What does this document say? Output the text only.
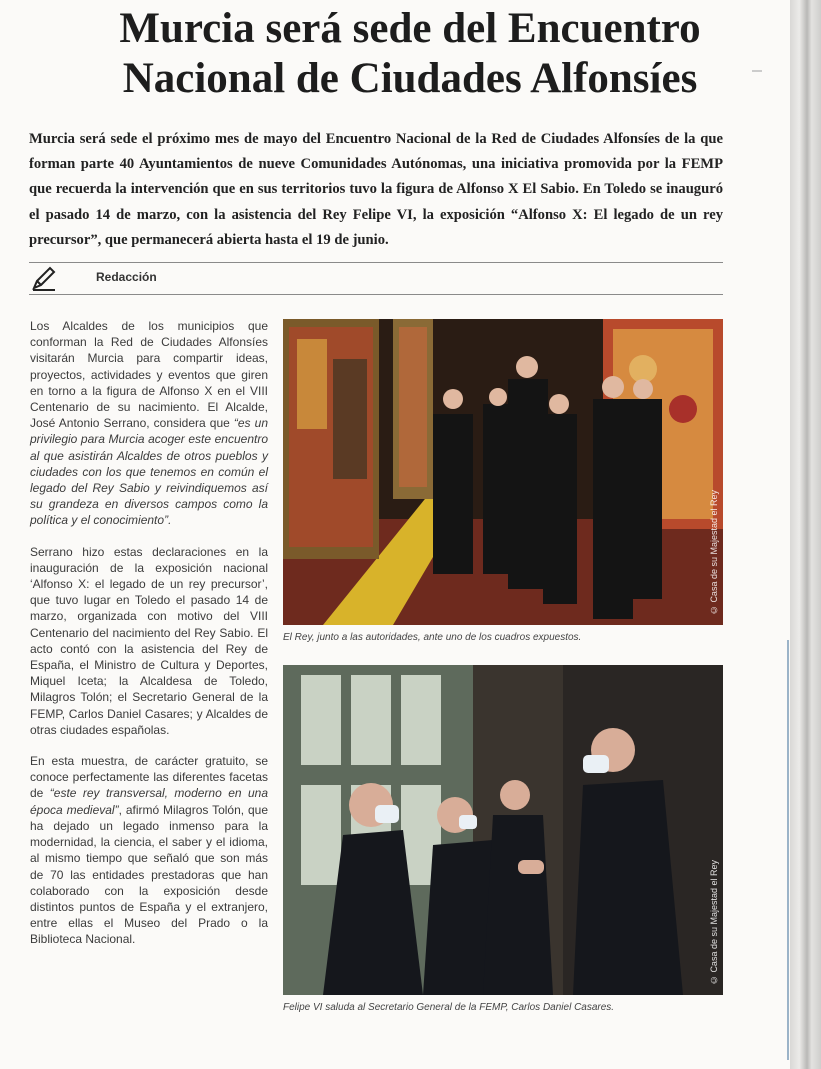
Murcia será sede del Encuentro
Nacional de Ciudades Alfonsíes

Murcia será sede el próximo mes de mayo del Encuentro Nacional de la Red de Ciudades Alfonsíes de la que forman parte 40 Ayuntamientos de nueve Comunidades Autónomas, una iniciativa promovida por la FEMP que recuerda la intervención que en sus territorios tuvo la figura de Alfonso X El Sabio. En Toledo se inauguró el pasado 14 de marzo, con la asistencia del Rey Felipe VI, la exposición “Alfonso X: El legado de un rey precursor”, que permanecerá abierta hasta el 19 de junio.

Redacción

Los Alcaldes de los municipios que conforman la Red de Ciudades Alfonsíes visitarán Murcia para compartir ideas, proyectos, actividades y eventos que giren en torno a la figura de Alfonso X en el VIII Centenario de su nacimiento. El Alcalde, José Antonio Serrano, considera que “es un privilegio para Murcia acoger este encuentro al que asistirán Alcaldes de otros pueblos y ciudades con los que tenemos en común el legado del Rey Sabio y reivindiquemos así su grandeza en diversos campos como la política y el conocimiento”.

Serrano hizo estas declaraciones en la inauguración de la exposición nacional ‘Alfonso X: el legado de un rey precursor’, que tuvo lugar en Toledo el pasado 14 de marzo, organizada con motivo del VIII Centenario del nacimiento del Rey Sabio. El acto contó con la asistencia del Rey de España, el Ministro de Cultura y Deportes, Miquel Iceta; la Alcaldesa de Toledo, Milagros Tolón; el Secretario General de la FEMP, Carlos Daniel Casares; y Alcaldes de otras ciudades españolas.

En esta muestra, de carácter gratuito, se conoce perfectamente las diferentes facetas de “este rey transversal, moderno en una época medieval”, afirmó Milagros Tolón, que ha dejado un legado inmenso para la modernidad, la ciencia, el saber y el idioma, al mismo tiempo que señaló que son más de 70 las entidades prestadoras que han colaborado con la exposición desde distintos puntos de España y el extranjero, entre ellas el Museo del Prado o la Biblioteca Nacional.

© Casa de su Majestad el Rey
El Rey, junto a las autoridades, ante uno de los cuadros expuestos.
© Casa de su Majestad el Rey
Felipe VI saluda al Secretario General de la FEMP, Carlos Daniel Casares.
